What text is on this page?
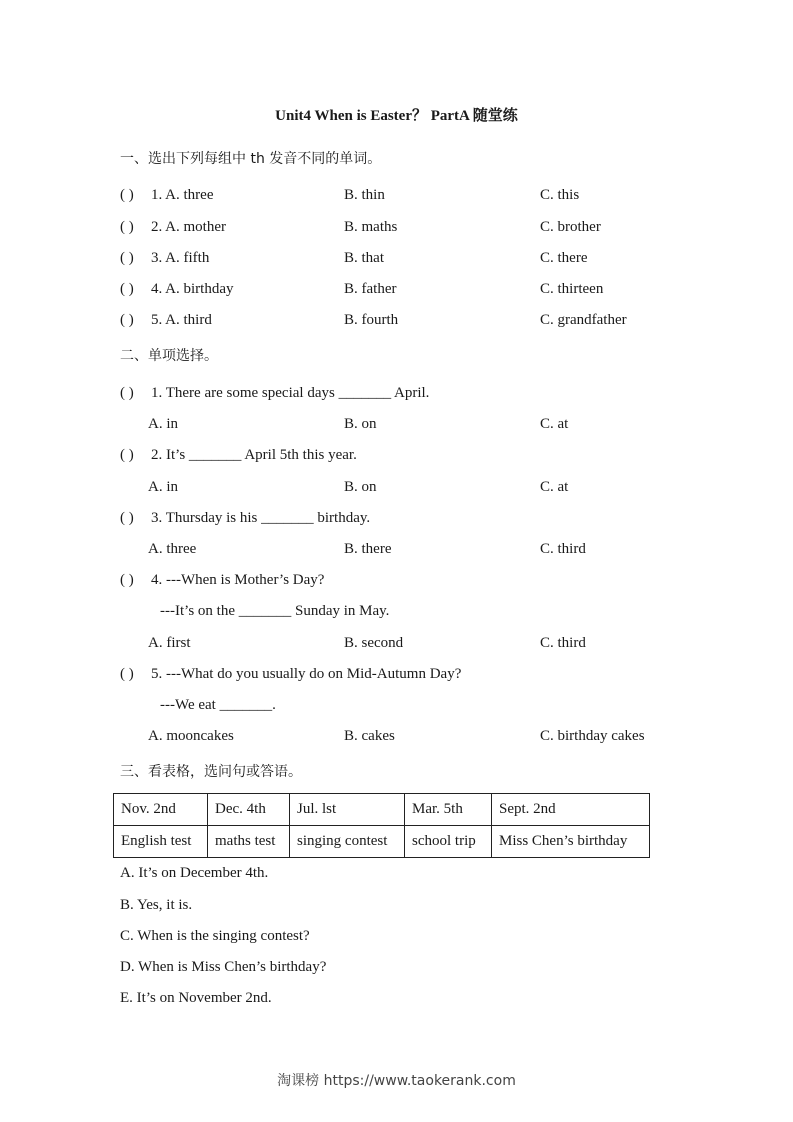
Unit4 When is Easter？ PartA 随堂练
一、选出下列每组中 th 发音不同的单词。
( ) 1. A. three	B. thin	C. this
( ) 2. A. mother	B. maths	C. brother
( ) 3. A. fifth	B. that	C. there
( ) 4. A. birthday	B. father	C. thirteen
( ) 5. A. third	B. fourth	C. grandfather
二、单项选择。
( ) 1. There are some special days _______ April.
A. in	B. on	C. at
( ) 2. It’s _______ April 5th this year.
A. in	B. on	C. at
( ) 3. Thursday is his _______ birthday.
A. three	B. there	C. third
( ) 4. ---When is Mother’s Day?
---It’s on the _______ Sunday in May.
A. first	B. second	C. third
( ) 5. ---What do you usually do on Mid-Autumn Day?
---We eat _______.
A. mooncakes	B. cakes	C. birthday cakes
三、看表格，选问句或答语。
Nov. 2nd	Dec. 4th	Jul. lst	Mar. 5th	Sept. 2nd
English test	maths test	singing contest	school trip	Miss Chen’s birthday
A. It’s on December 4th.
B. Yes, it is.
C. When is the singing contest?
D. When is Miss Chen’s birthday?
E. It’s on November 2nd.
淘课榜 https://www.taokerank.com
